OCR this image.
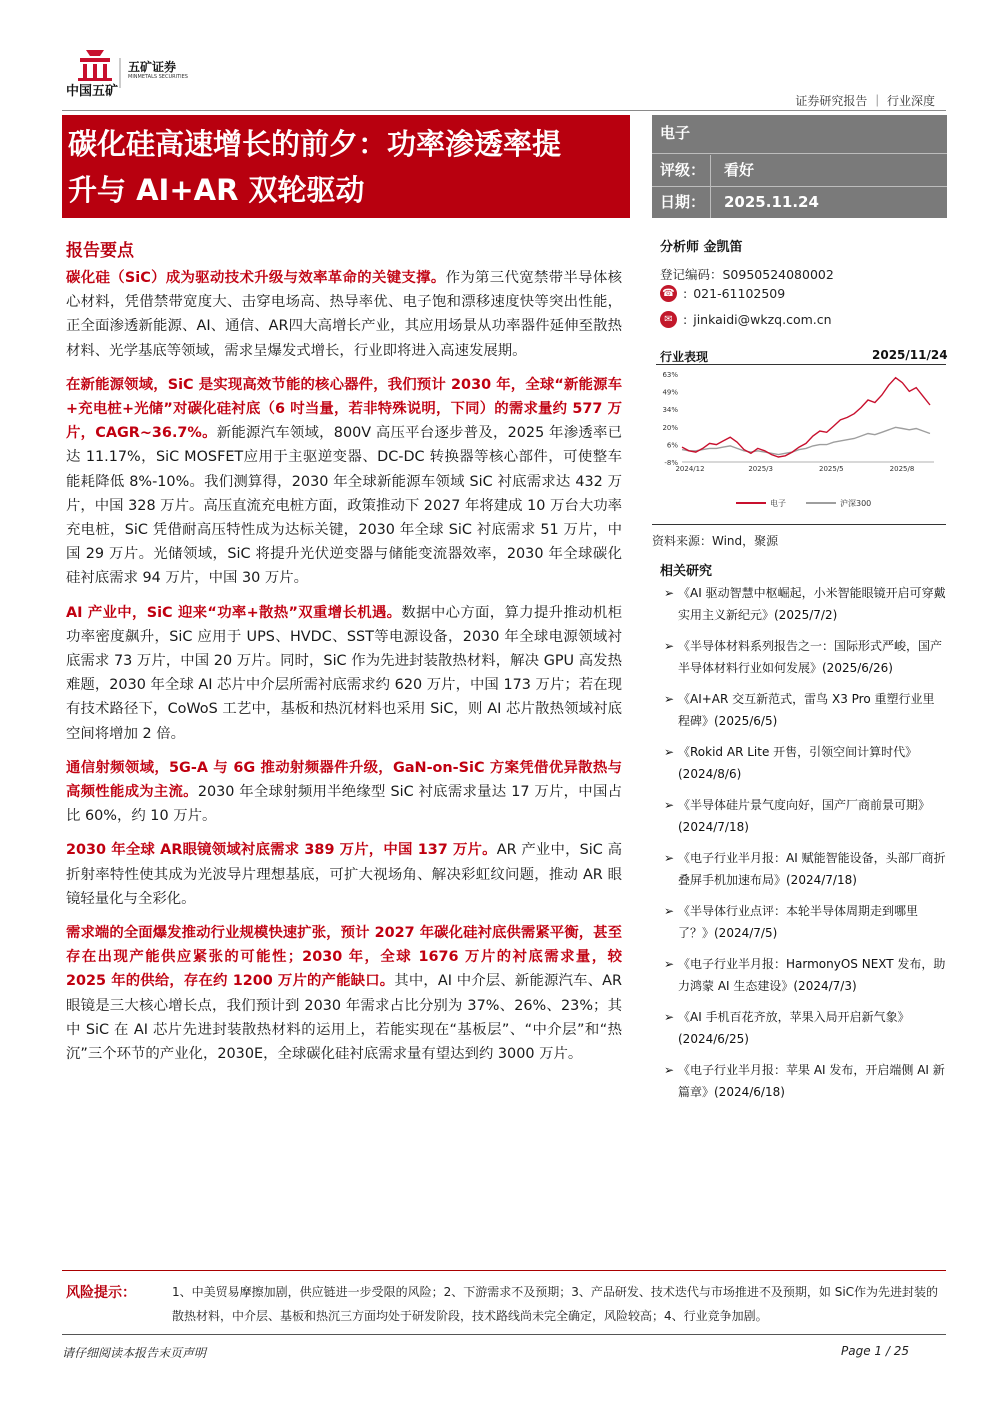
中国五矿
五矿证券
MINMETALS SECURITIES
证券研究报告 ｜ 行业深度
碳化硅高速增长的前夕：功率渗透率提
升与 AI+AR 双轮驱动
电子
评级： 看好
日期： 2025.11.24
报告要点

碳化硅（SiC）成为驱动技术升级与效率革命的关键支撑。作为第三代宽禁带半导体核心材料，凭借禁带宽度大、击穿电场高、热导率优、电子饱和漂移速度快等突出性能，正全面渗透新能源、AI、通信、AR四大高增长产业，其应用场景从功率器件延伸至散热材料、光学基底等领域，需求呈爆发式增长，行业即将进入高速发展期。

在新能源领域，SiC 是实现高效节能的核心器件，我们预计 2030 年，全球“新能源车+充电桩+光储”对碳化硅衬底（6 吋当量，若非特殊说明，下同）的需求量约 577 万片，CAGR~36.7%。新能源汽车领域，800V 高压平台逐步普及，2025 年渗透率已达 11.17%，SiC MOSFET应用于主驱逆变器、DC-DC 转换器等核心部件，可使整车能耗降低 8%-10%。我们测算得，2030 年全球新能源车领域 SiC 衬底需求达 432 万片，中国 328 万片。高压直流充电桩方面，政策推动下 2027 年将建成 10 万台大功率充电桩，SiC 凭借耐高压特性成为达标关键，2030 年全球 SiC 衬底需求 51 万片，中国 29 万片。光储领域，SiC 将提升光伏逆变器与储能变流器效率，2030 年全球碳化硅衬底需求 94 万片，中国 30 万片。

AI 产业中，SiC 迎来“功率+散热”双重增长机遇。数据中心方面，算力提升推动机柜功率密度飙升，SiC 应用于 UPS、HVDC、SST等电源设备，2030 年全球电源领域衬底需求 73 万片，中国 20 万片。同时，SiC 作为先进封装散热材料，解决 GPU 高发热难题，2030 年全球 AI 芯片中介层所需衬底需求约 620 万片，中国 173 万片；若在现有技术路径下，CoWoS 工艺中，基板和热沉材料也采用 SiC，则 AI 芯片散热领域衬底空间将增加 2 倍。

通信射频领域，5G-A 与 6G 推动射频器件升级，GaN-on-SiC 方案凭借优异散热与高频性能成为主流。2030 年全球射频用半绝缘型 SiC 衬底需求量达 17 万片，中国占比 60%，约 10 万片。

2030 年全球 AR眼镜领域衬底需求 389 万片，中国 137 万片。AR 产业中，SiC 高折射率特性使其成为光波导片理想基底，可扩大视场角、解决彩虹纹问题，推动 AR 眼镜轻量化与全彩化。

需求端的全面爆发推动行业规模快速扩张，预计 2027 年碳化硅衬底供需紧平衡，甚至存在出现产能供应紧张的可能性；2030 年，全球 1676 万片的衬底需求量，较 2025 年的供给，存在约 1200 万片的产能缺口。其中，AI 中介层、新能源汽车、AR 眼镜是三大核心增长点，我们预计到 2030 年需求占比分别为 37%、26%、23%；其中 SiC 在 AI 芯片先进封装散热材料的运用上，若能实现在“基板层”、“中介层”和“热沉”三个环节的产业化，2030E，全球碳化硅衬底需求量有望达到约 3000 万片。

分析师 金凯笛
登记编码：S0950524080002
☎ : 021-61102509
✉ : jinkaidi@wkzq.com.cn
行业表现	2025/11/24
63%
49%
34%
20%
6%
-8%
2024/12	2025/3	2025/5	2025/8
电子	沪深300
资料来源：Wind，聚源
相关研究
➢ 《AI 驱动智慧中枢崛起，小米智能眼镜开启可穿戴实用主义新纪元》(2025/7/2)
➢ 《半导体材料系列报告之一：国际形式严峻，国产半导体材料行业如何发展》(2025/6/26)
➢ 《AI+AR 交互新范式，雷鸟 X3 Pro 重塑行业里程碑》(2025/6/5)
➢ 《Rokid AR Lite 开售，引领空间计算时代》(2024/8/6)
➢ 《半导体硅片景气度向好，国产厂商前景可期》(2024/7/18)
➢ 《电子行业半月报：AI 赋能智能设备，头部厂商折叠屏手机加速布局》(2024/7/18)
➢ 《半导体行业点评：本轮半导体周期走到哪里了？》(2024/7/5)
➢ 《电子行业半月报：HarmonyOS NEXT 发布，助力鸿蒙 AI 生态建设》(2024/7/3)
➢ 《AI 手机百花齐放，苹果入局开启新气象》(2024/6/25)
➢ 《电子行业半月报：苹果 AI 发布，开启端侧 AI 新篇章》(2024/6/18)
风险提示：	1、中美贸易摩擦加剧，供应链进一步受限的风险；2、下游需求不及预期；3、产品研发、技术迭代与市场推进不及预期，如 SiC作为先进封装的散热材料，中介层、基板和热沉三方面均处于研发阶段，技术路线尚未完全确定，风险较高；4、行业竞争加剧。
请仔细阅读本报告末页声明	Page 1 / 25
